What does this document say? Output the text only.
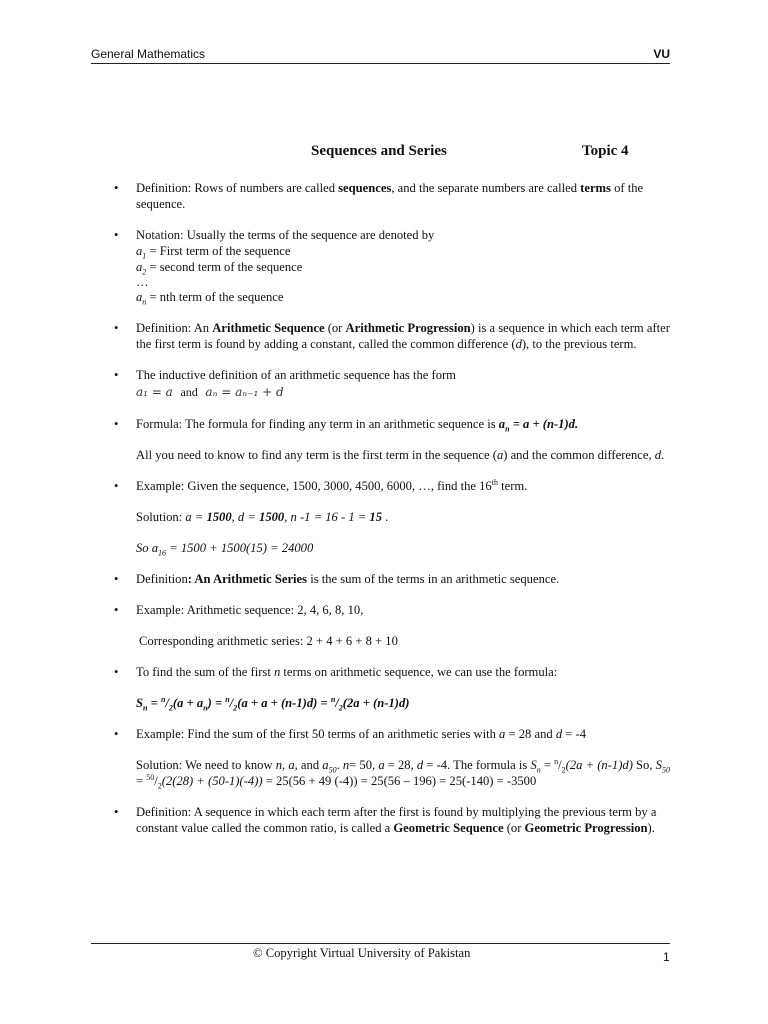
General Mathematics	VU
Sequences and Series	Topic 4
• Definition: Rows of numbers are called sequences, and the separate numbers are called terms of the sequence.
• Notation: Usually the terms of the sequence are denoted by

$a_1$ = First term of the sequence

$a_2$ = second term of the sequence

…

$a_n$ = nth term of the sequence

• Definition: An Arithmetic Sequence (or Arithmetic Progression) is a sequence in which each term after the first term is found by adding a constant, called the common difference (d), to the previous term.
• The inductive definition of an arithmetic sequence has the form

a₁ = a and aₙ = aₙ₋₁ + d

• Formula: The formula for finding any term in an arithmetic sequence is $a_n = a + (n-1)d$.

All you need to know to find any term is the first term in the sequence (a) and the common difference, d.

• Example: Given the sequence, 1500, 3000, 4500, 6000, …, find the 16th term.

Solution: a = 1500, d = 1500, n -1 = 16 - 1 = 15 .

So $a_{16} = 1500 + 1500(15) = 24000$

• Definition: An Arithmetic Series is the sum of the terms in an arithmetic sequence.
• Example: Arithmetic sequence: 2, 4, 6, 8, 10,

Corresponding arithmetic series: 2 + 4 + 6 + 8 + 10

• To find the sum of the first n terms on arithmetic sequence, we can use the formula:

$S_n = ^n/_2(a + a_n) = ^n/_2(a + a + (n-1)d) = ^n/_2(2a + (n-1)d)$

• Example: Find the sum of the first 50 terms of an arithmetic series with a = 28 and d = -4

Solution: We need to know n, a, and $a_{50}$. n= 50, a = 28, d = -4. The formula is $S_n = ^n/_2(2a + (n-1)d)$ So, $S_{50} = ^{50}/_2(2(28) + (50-1)(-4)) = 25(56 + 49$ (-4)) = 25(56 – 196) = 25(-140) = -3500

• Definition: A sequence in which each term after the first is found by multiplying the previous term by a constant value called the common ratio, is called a Geometric Sequence (or Geometric Progression).
© Copyright Virtual University of Pakistan	1
